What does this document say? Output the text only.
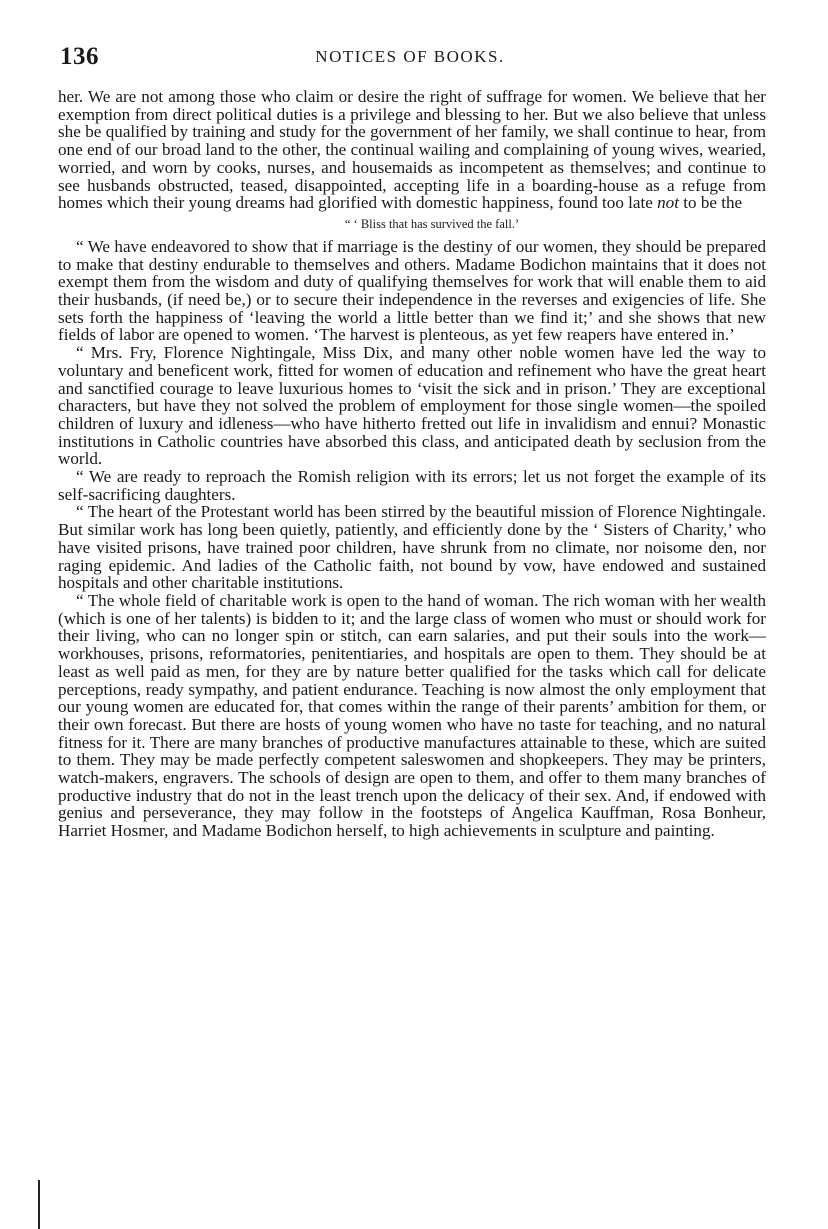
136	NOTICES OF BOOKS.

her. We are not among those who claim or desire the right of suffrage for women. We believe that her exemption from direct political duties is a privilege and blessing to her. But we also believe that unless she be qualified by training and study for the government of her family, we shall continue to hear, from one end of our broad land to the other, the continual wailing and complaining of young wives, wearied, worried, and worn by cooks, nurses, and housemaids as incompetent as themselves; and continue to see husbands obstructed, teased, disappointed, accepting life in a boarding-house as a refuge from homes which their young dreams had glorified with domestic happiness, found too late not to be the

“ ‘ Bliss that has survived the fall.’

“ We have endeavored to show that if marriage is the destiny of our women, they should be prepared to make that destiny endurable to themselves and others. Madame Bodichon maintains that it does not exempt them from the wisdom and duty of qualifying themselves for work that will enable them to aid their husbands, (if need be,) or to secure their independence in the reverses and exigencies of life. She sets forth the happiness of ‘leaving the world a little better than we find it;’ and she shows that new fields of labor are opened to women. ‘The harvest is plenteous, as yet few reapers have entered in.’

“ Mrs. Fry, Florence Nightingale, Miss Dix, and many other noble women have led the way to voluntary and beneficent work, fitted for women of education and refinement who have the great heart and sanctified courage to leave luxurious homes to ‘visit the sick and in prison.’ They are exceptional characters, but have they not solved the problem of employment for those single women—the spoiled children of luxury and idleness—who have hitherto fretted out life in invalidism and ennui? Monastic institutions in Catholic countries have absorbed this class, and anticipated death by seclusion from the world.

“ We are ready to reproach the Romish religion with its errors; let us not forget the example of its self-sacrificing daughters.

“ The heart of the Protestant world has been stirred by the beautiful mission of Florence Nightingale. But similar work has long been quietly, patiently, and efficiently done by the ‘ Sisters of Charity,’ who have visited prisons, have trained poor children, have shrunk from no climate, nor noisome den, nor raging epidemic. And ladies of the Catholic faith, not bound by vow, have endowed and sustained hospitals and other charitable institutions.

“ The whole field of charitable work is open to the hand of woman. The rich woman with her wealth (which is one of her talents) is bidden to it; and the large class of women who must or should work for their living, who can no longer spin or stitch, can earn salaries, and put their souls into the work—workhouses, prisons, reformatories, penitentiaries, and hospitals are open to them. They should be at least as well paid as men, for they are by nature better qualified for the tasks which call for delicate perceptions, ready sympathy, and patient endurance. Teaching is now almost the only employment that our young women are educated for, that comes within the range of their parents’ ambition for them, or their own forecast. But there are hosts of young women who have no taste for teaching, and no natural fitness for it. There are many branches of productive manufactures attainable to these, which are suited to them. They may be made perfectly competent saleswomen and shopkeepers. They may be printers, watch-makers, engravers. The schools of design are open to them, and offer to them many branches of productive industry that do not in the least trench upon the delicacy of their sex. And, if endowed with genius and perseverance, they may follow in the footsteps of Angelica Kauffman, Rosa Bonheur, Harriet Hosmer, and Madame Bodichon herself, to high achievements in sculpture and painting.
